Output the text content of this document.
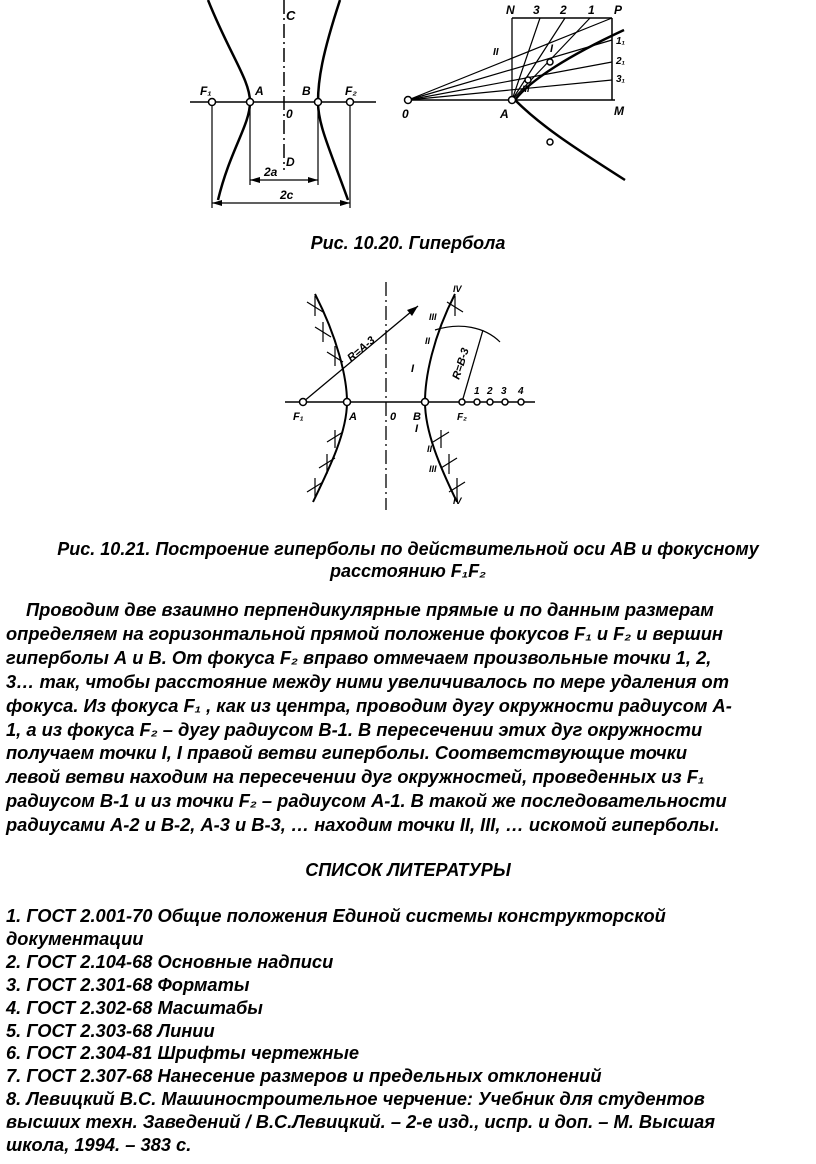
C
F₁	A
0
B	F₂
D
2a
2c
N 3 2 1 P
1₁
2₁
3₁
0	A	M
I
II
III
Рис. 10.20. Гипербола
F₁	A	0 B	F₂
1 2 3 4
R=A-3	R=B-3
I
II
III
IV
I
II
III
IV
Рис. 10.21. Построение гиперболы по действительной оси АВ и фокусному
расстоянию F₁F₂
Проводим две взаимно перпендикулярные прямые и по данным размерам
определяем на горизонтальной прямой положение фокусов F₁ и F₂ и вершин
гиперболы А и В. От фокуса F₂ вправо отмечаем произвольные точки 1, 2,
3… так, чтобы расстояние между ними увеличивалось по мере удаления от
фокуса. Из фокуса F₁ , как из центра, проводим дугу окружности радиусом А-
1, а из фокуса F₂ – дугу радиусом В-1. В пересечении этих дуг окружности
получаем точки I, I правой ветви гиперболы. Соответствующие точки
левой ветви находим на пересечении дуг окружностей, проведенных из F₁
радиусом В-1 и из точки F₂ – радиусом А-1. В такой же последовательности
радиусами А-2 и В-2, А-3 и В-3, … находим точки II, III, … искомой гиперболы.
СПИСОК ЛИТЕРАТУРЫ
1. ГОСТ 2.001-70 Общие положения Единой системы конструкторской
документации
2. ГОСТ 2.104-68 Основные надписи
3. ГОСТ 2.301-68 Форматы
4. ГОСТ 2.302-68 Масштабы
5. ГОСТ 2.303-68 Линии
6. ГОСТ 2.304-81 Шрифты чертежные
7. ГОСТ 2.307-68 Нанесение размеров и предельных отклонений
8. Левицкий В.С. Машиностроительное черчение: Учебник для студентов
высших техн. Заведений / В.С.Левицкий. – 2-е изд., испр. и доп. – М. Высшая
школа, 1994. – 383 с.
